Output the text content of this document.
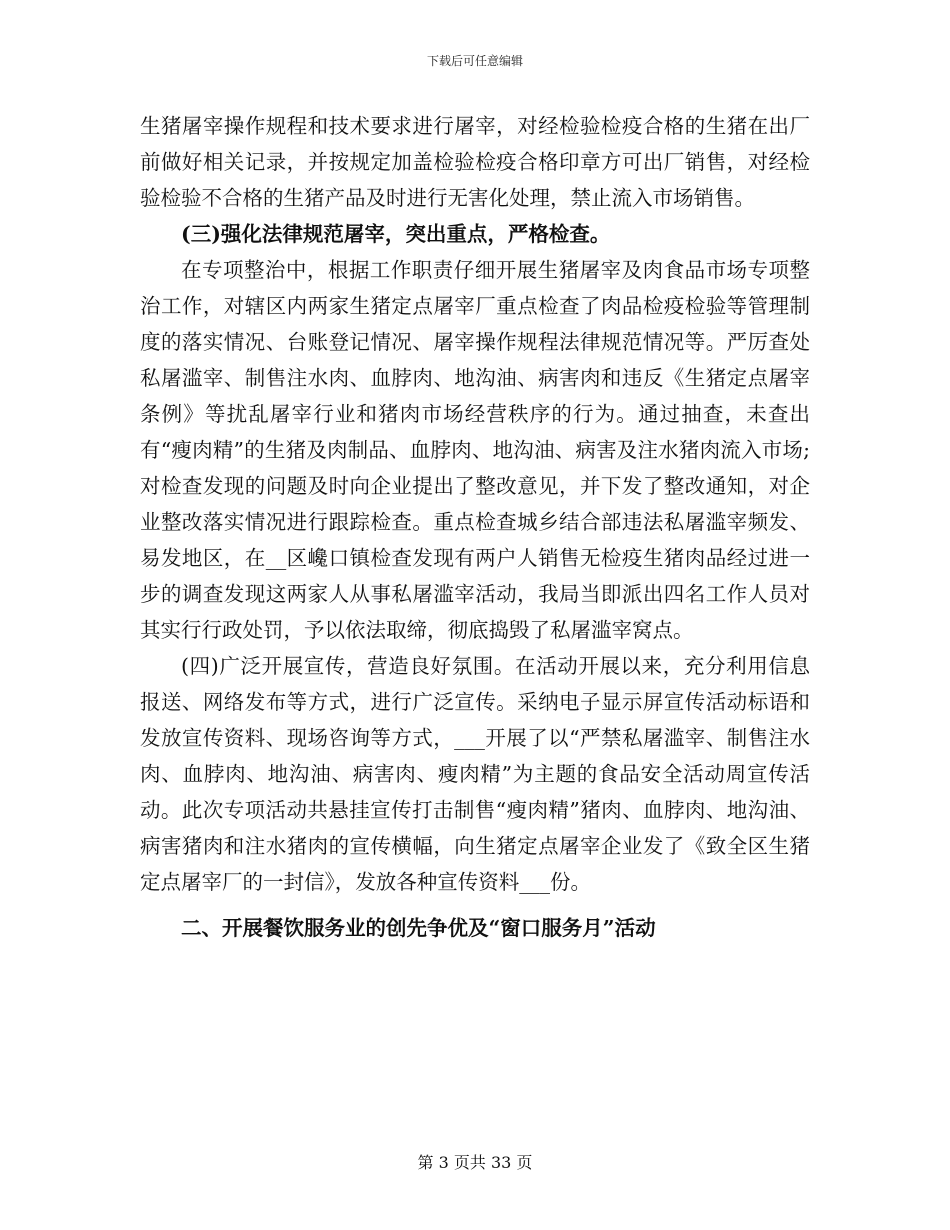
下载后可任意编辑

生猪屠宰操作规程和技术要求进行屠宰，对经检验检疫合格的生猪在出厂前做好相关记录，并按规定加盖检验检疫合格印章方可出厂销售，对经检验检验不合格的生猪产品及时进行无害化处理，禁止流入市场销售。

(三)强化法律规范屠宰，突出重点，严格检查。

在专项整治中，根据工作职责仔细开展生猪屠宰及肉食品市场专项整治工作，对辖区内两家生猪定点屠宰厂重点检查了肉品检疫检验等管理制度的落实情况、台账登记情况、屠宰操作规程法律规范情况等。严厉查处私屠滥宰、制售注水肉、血脖肉、地沟油、病害肉和违反《生猪定点屠宰条例》等扰乱屠宰行业和猪肉市场经营秩序的行为。通过抽查，未查出有“瘦肉精”的生猪及肉制品、血脖肉、地沟油、病害及注水猪肉流入市场;对检查发现的问题及时向企业提出了整改意见，并下发了整改通知，对企业整改落实情况进行跟踪检查。重点检查城乡结合部违法私屠滥宰频发、易发地区，在__区巉口镇检查发现有两户人销售无检疫生猪肉品经过进一步的调查发现这两家人从事私屠滥宰活动，我局当即派出四名工作人员对其实行行政处罚，予以依法取缔，彻底捣毁了私屠滥宰窝点。

(四)广泛开展宣传，营造良好氛围。在活动开展以来，充分利用信息报送、网络发布等方式，进行广泛宣传。采纳电子显示屏宣传活动标语和发放宣传资料、现场咨询等方式，___开展了以“严禁私屠滥宰、制售注水肉、血脖肉、地沟油、病害肉、瘦肉精”为主题的食品安全活动周宣传活动。此次专项活动共悬挂宣传打击制售“瘦肉精”猪肉、血脖肉、地沟油、病害猪肉和注水猪肉的宣传横幅，向生猪定点屠宰企业发了《致全区生猪定点屠宰厂的一封信》，发放各种宣传资料___份。

二、开展餐饮服务业的创先争优及“窗口服务月”活动

第 3 页共 33 页
